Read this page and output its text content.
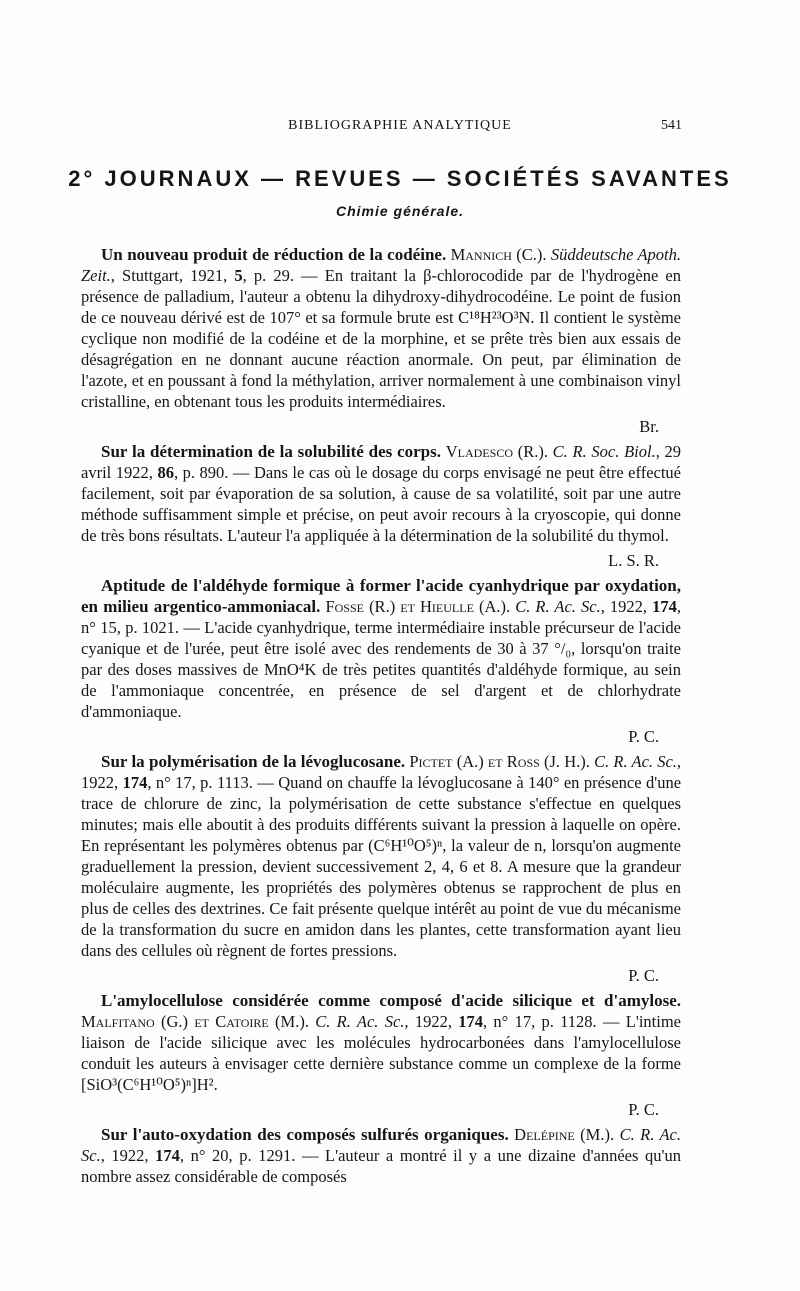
BIBLIOGRAPHIE ANALYTIQUE	541
2° JOURNAUX — REVUES — SOCIÉTÉS SAVANTES
Chimie générale.

Un nouveau produit de réduction de la codéine. Mannich (C.). Süddeutsche Apoth. Zeit., Stuttgart, 1921, 5, p. 29. — En traitant la β-chlorocodide par de l'hydrogène en présence de palladium, l'auteur a obtenu la dihydroxy-dihydrocodéine. Le point de fusion de ce nouveau dérivé est de 107° et sa formule brute est C¹⁸H²³O³N. Il contient le système cyclique non modifié de la codéine et de la morphine, et se prête très bien aux essais de désagrégation en ne donnant aucune réaction anormale. On peut, par élimination de l'azote, et en poussant à fond la méthylation, arriver normalement à une combinaison vinyl cristalline, en obtenant tous les produits intermédiaires.

Br.

Sur la détermination de la solubilité des corps. Vladesco (R.). C. R. Soc. Biol., 29 avril 1922, 86, p. 890. — Dans le cas où le dosage du corps envisagé ne peut être effectué facilement, soit par évaporation de sa solution, à cause de sa volatilité, soit par une autre méthode suffisamment simple et précise, on peut avoir recours à la cryoscopie, qui donne de très bons résultats. L'auteur l'a appliquée à la détermination de la solubilité du thymol.

L. S. R.

Aptitude de l'aldéhyde formique à former l'acide cyanhydrique par oxydation, en milieu argentico-ammoniacal. Fosse (R.) et Hieulle (A.). C. R. Ac. Sc., 1922, 174, n° 15, p. 1021. — L'acide cyanhydrique, terme intermédiaire instable précurseur de l'acide cyanique et de l'urée, peut être isolé avec des rendements de 30 à 37 °/₀, lorsqu'on traite par des doses massives de MnO⁴K de très petites quantités d'aldéhyde formique, au sein de l'ammoniaque concentrée, en présence de sel d'argent et de chlorhydrate d'ammoniaque.

P. C.

Sur la polymérisation de la lévoglucosane. Pictet (A.) et Ross (J. H.). C. R. Ac. Sc., 1922, 174, n° 17, p. 1113. — Quand on chauffe la lévoglucosane à 140° en présence d'une trace de chlorure de zinc, la polymérisation de cette substance s'effectue en quelques minutes; mais elle aboutit à des produits différents suivant la pression à laquelle on opère. En représentant les polymères obtenus par (C⁶H¹⁰O⁵)ⁿ, la valeur de n, lorsqu'on augmente graduellement la pression, devient successivement 2, 4, 6 et 8. A mesure que la grandeur moléculaire augmente, les propriétés des polymères obtenus se rapprochent de plus en plus de celles des dextrines. Ce fait présente quelque intérêt au point de vue du mécanisme de la transformation du sucre en amidon dans les plantes, cette transformation ayant lieu dans des cellules où règnent de fortes pressions.

P. C.

L'amylocellulose considérée comme composé d'acide silicique et d'amylose. Malfitano (G.) et Catoire (M.). C. R. Ac. Sc., 1922, 174, n° 17, p. 1128. — L'intime liaison de l'acide silicique avec les molécules hydrocarbonées dans l'amylocellulose conduit les auteurs à envisager cette dernière substance comme un complexe de la forme [SiO³(C⁶H¹⁰O⁵)ⁿ]H².

P. C.

Sur l'auto-oxydation des composés sulfurés organiques. Delépine (M.). C. R. Ac. Sc., 1922, 174, n° 20, p. 1291. — L'auteur a montré il y a une dizaine d'années qu'un nombre assez considérable de composés
